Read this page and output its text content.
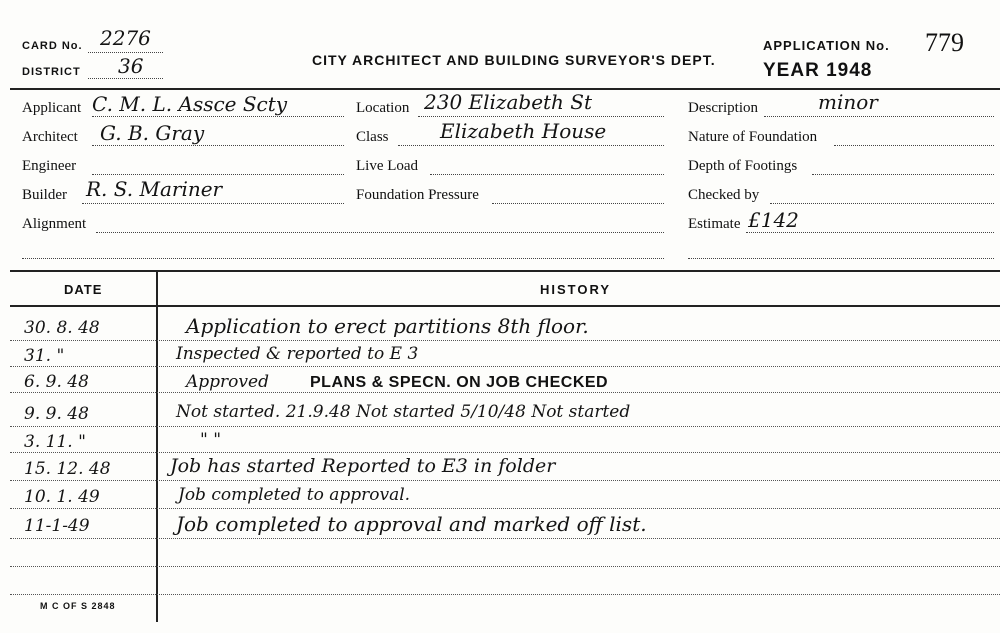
CARD No. 2276
DISTRICT 36	CITY ARCHITECT AND BUILDING SURVEYOR'S DEPT.
APPLICATION No. 779
YEAR 1948
Applicant C. M. L. Assce Scty
Architect G. B. Gray
Engineer
Builder R. S. Mariner
Alignment
Location 230 Elizabeth St
Class	Elizabeth House
Live Load
Foundation Pressure
Description	minor
Nature of Foundation
Depth of Footings
Checked by
Estimate £142
DATE	HISTORY
30. 8. 48	Application to erect partitions 8th floor.
31. "	Inspected & reported to E 3
6. 9. 48	Approved	PLANS & SPECN. ON JOB CHECKED
9. 9. 48	Not started. 21.9.48 Not started 5/10/48 Not started
3. 11. "	" "
15. 12. 48	Job has started Reported to E3 in folder
10. 1. 49	Job completed to approval.
11-1-49	Job completed to approval and marked off list.
M C OF S 2848
